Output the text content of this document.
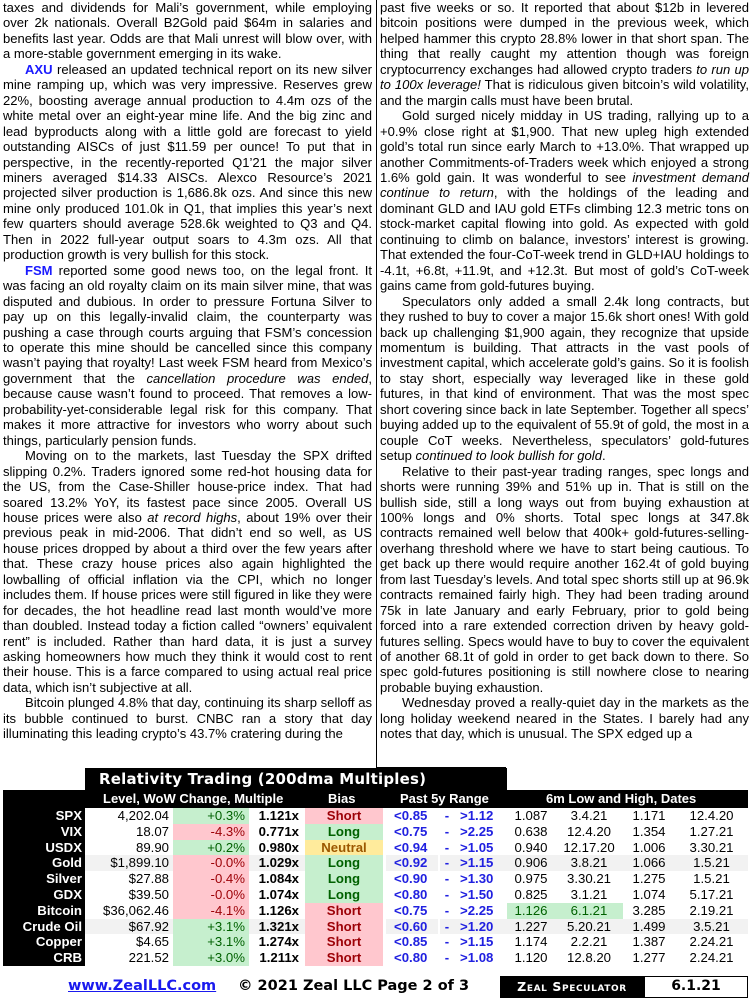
taxes and dividends for Mali’s government, while employing over 2k nationals. Overall B2Gold paid $64m in salaries and benefits last year. Odds are that Mali unrest will blow over, with a more-stable government emerging in its wake.

AXU released an updated technical report on its new silver mine ramping up, which was very impressive. Reserves grew 22%, boosting average annual production to 4.4m ozs of the white metal over an eight-year mine life. And the big zinc and lead byproducts along with a little gold are forecast to yield outstanding AISCs of just $11.59 per ounce! To put that in perspective, in the recently-reported Q1’21 the major silver miners averaged $14.33 AISCs. Alexco Resource’s 2021 projected silver production is 1,686.8k ozs. And since this new mine only produced 101.0k in Q1, that implies this year’s next few quarters should average 528.6k weighted to Q3 and Q4. Then in 2022 full-year output soars to 4.3m ozs. All that production growth is very bullish for this stock.

FSM reported some good news too, on the legal front. It was facing an old royalty claim on its main silver mine, that was disputed and dubious. In order to pressure Fortuna Silver to pay up on this legally-invalid claim, the counterparty was pushing a case through courts arguing that FSM’s concession to operate this mine should be cancelled since this company wasn’t paying that royalty! Last week FSM heard from Mexico’s government that the cancellation procedure was ended, because cause wasn’t found to proceed. That removes a low-probability-yet-considerable legal risk for this company. That makes it more attractive for investors who worry about such things, particularly pension funds.

Moving on to the markets, last Tuesday the SPX drifted slipping 0.2%. Traders ignored some red-hot housing data for the US, from the Case-Shiller house-price index. That had soared 13.2% YoY, its fastest pace since 2005. Overall US house prices were also at record highs, about 19% over their previous peak in mid-2006. That didn’t end so well, as US house prices dropped by about a third over the few years after that. These crazy house prices also again highlighted the lowballing of official inflation via the CPI, which no longer includes them. If house prices were still figured in like they were for decades, the hot headline read last month would’ve more than doubled. Instead today a fiction called “owners’ equivalent rent” is included. Rather than hard data, it is just a survey asking homeowners how much they think it would cost to rent their house. This is a farce compared to using actual real price data, which isn’t subjective at all.

Bitcoin plunged 4.8% that day, continuing its sharp selloff as its bubble continued to burst. CNBC ran a story that day illuminating this leading crypto’s 43.7% cratering during the

past five weeks or so. It reported that about $12b in levered bitcoin positions were dumped in the previous week, which helped hammer this crypto 28.8% lower in that short span. The thing that really caught my attention though was foreign cryptocurrency exchanges had allowed crypto traders to run up to 100x leverage! That is ridiculous given bitcoin’s wild volatility, and the margin calls must have been brutal.

Gold surged nicely midday in US trading, rallying up to a +0.9% close right at $1,900. That new upleg high extended gold’s total run since early March to +13.0%. That wrapped up another Commitments-of-Traders week which enjoyed a strong 1.6% gold gain. It was wonderful to see investment demand continue to return, with the holdings of the leading and dominant GLD and IAU gold ETFs climbing 12.3 metric tons on stock-market capital flowing into gold. As expected with gold continuing to climb on balance, investors’ interest is growing. That extended the four-CoT-week trend in GLD+IAU holdings to -4.1t, +6.8t, +11.9t, and +12.3t. But most of gold’s CoT-week gains came from gold-futures buying.

Speculators only added a small 2.4k long contracts, but they rushed to buy to cover a major 15.6k short ones! With gold back up challenging $1,900 again, they recognize that upside momentum is building. That attracts in the vast pools of investment capital, which accelerate gold’s gains. So it is foolish to stay short, especially way leveraged like in these gold futures, in that kind of environment. That was the most spec short covering since back in late September. Together all specs’ buying added up to the equivalent of 55.9t of gold, the most in a couple CoT weeks. Nevertheless, speculators’ gold-futures setup continued to look bullish for gold.

Relative to their past-year trading ranges, spec longs and shorts were running 39% and 51% up in. That is still on the bullish side, still a long ways out from buying exhaustion at 100% longs and 0% shorts. Total spec longs at 347.8k contracts remained well below that 400k+ gold-futures-selling-overhang threshold where we have to start being cautious. To get back up there would require another 162.4t of gold buying from last Tuesday’s levels. And total spec shorts still up at 96.9k contracts remained fairly high. They had been trading around 75k in late January and early February, prior to gold being forced into a rare extended correction driven by heavy gold-futures selling. Specs would have to buy to cover the equivalent of another 68.1t of gold in order to get back down to there. So spec gold-futures positioning is still nowhere close to nearing probable buying exhaustion.

Wednesday proved a really-quiet day in the markets as the long holiday weekend neared in the States. I barely had any notes that day, which is unusual. The SPX edged up a

Relativity Trading (200dma Multiples)
Level, WoW Change, Multiple	Bias	Past 5y Range	6m Low and High, Dates
SPX	4,202.04	+0.3%	1.121x	Short	<0.85	- >1.12	1.087	3.4.21	1.171	12.4.20
VIX	18.07	-4.3%	0.771x	Long	<0.75	- >2.25	0.638	12.4.20	1.354	1.27.21
USDX	89.90	+0.2%	0.980x	Neutral	<0.94	- >1.05	0.940	12.17.20	1.006	3.30.21
Gold	$1,899.10	-0.0%	1.029x	Long	<0.92	- >1.15	0.906	3.8.21	1.066	1.5.21
Silver	$27.88	-0.4%	1.084x	Long	<0.90	- >1.30	0.975	3.30.21	1.275	1.5.21
GDX	$39.50	-0.0%	1.074x	Long	<0.80	- >1.50	0.825	3.1.21	1.074	5.17.21
Bitcoin	$36,062.46	-4.1%	1.126x	Short	<0.75	- >2.25	1.126	6.1.21	3.285	2.19.21
Crude Oil	$67.92	+3.1%	1.321x	Short	<0.60	- >1.20	1.227	5.20.21	1.499	3.5.21
Copper	$4.65	+3.1%	1.274x	Short	<0.85	- >1.15	1.174	2.2.21	1.387	2.24.21
CRB	221.52	+3.0%	1.211x	Short	<0.80	- >1.08	1.120	12.8.20	1.277	2.24.21
www.ZealLLC.com © 2021 Zeal LLC Page 2 of 3	Zeal Speculator	6.1.21
